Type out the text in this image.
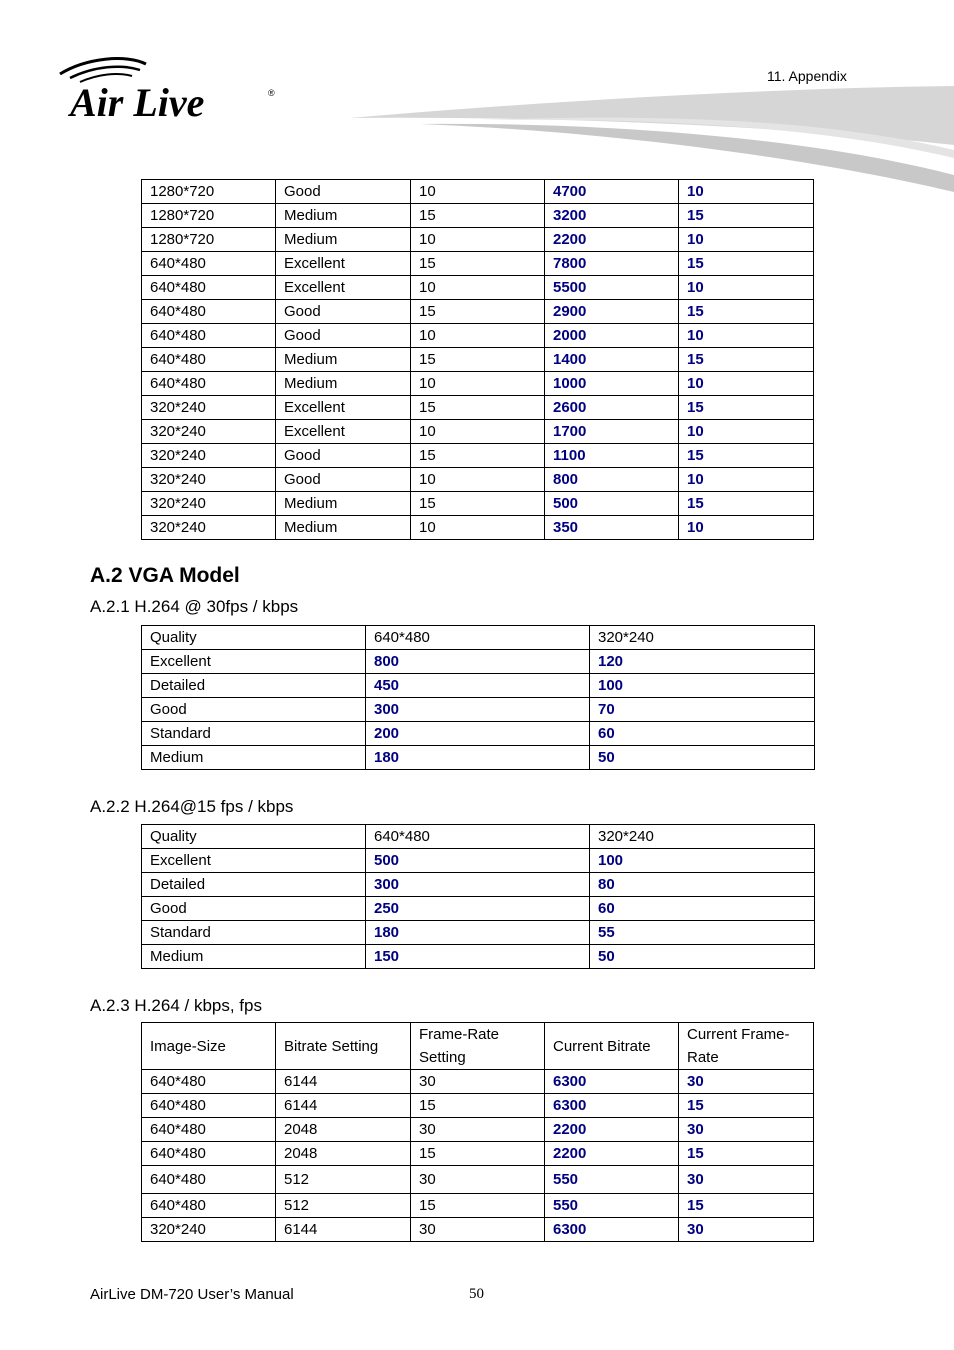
Air Live	®
11. Appendix
1280*720	Good	10	4700	10
1280*720	Medium	15	3200	15
1280*720	Medium	10	2200	10
640*480	Excellent	15	7800	15
640*480	Excellent	10	5500	10
640*480	Good	15	2900	15
640*480	Good	10	2000	10
640*480	Medium	15	1400	15
640*480	Medium	10	1000	10
320*240	Excellent	15	2600	15
320*240	Excellent	10	1700	10
320*240	Good	15	1100	15
320*240	Good	10	800	10
320*240	Medium	15	500	15
320*240	Medium	10	350	10
A.2 VGA Model
A.2.1 H.264 @ 30fps / kbps
Quality	640*480	320*240
Excellent	800	120
Detailed	450	100
Good	300	70
Standard	200	60
Medium	180	50
A.2.2 H.264@15 fps / kbps
Quality	640*480	320*240
Excellent	500	100
Detailed	300	80
Good	250	60
Standard	180	55
Medium	150	50
A.2.3 H.264 / kbps, fps
Image-Size	Bitrate Setting	Frame-Rate Setting	Current Bitrate	Current Frame-Rate
640*480	6144	30	6300	30
640*480	6144	15	6300	15
640*480	2048	30	2200	30
640*480	2048	15	2200	15
640*480	512	30	550	30
640*480	512	15	550	15
320*240	6144	30	6300	30
AirLive DM-720 User’s Manual	50
